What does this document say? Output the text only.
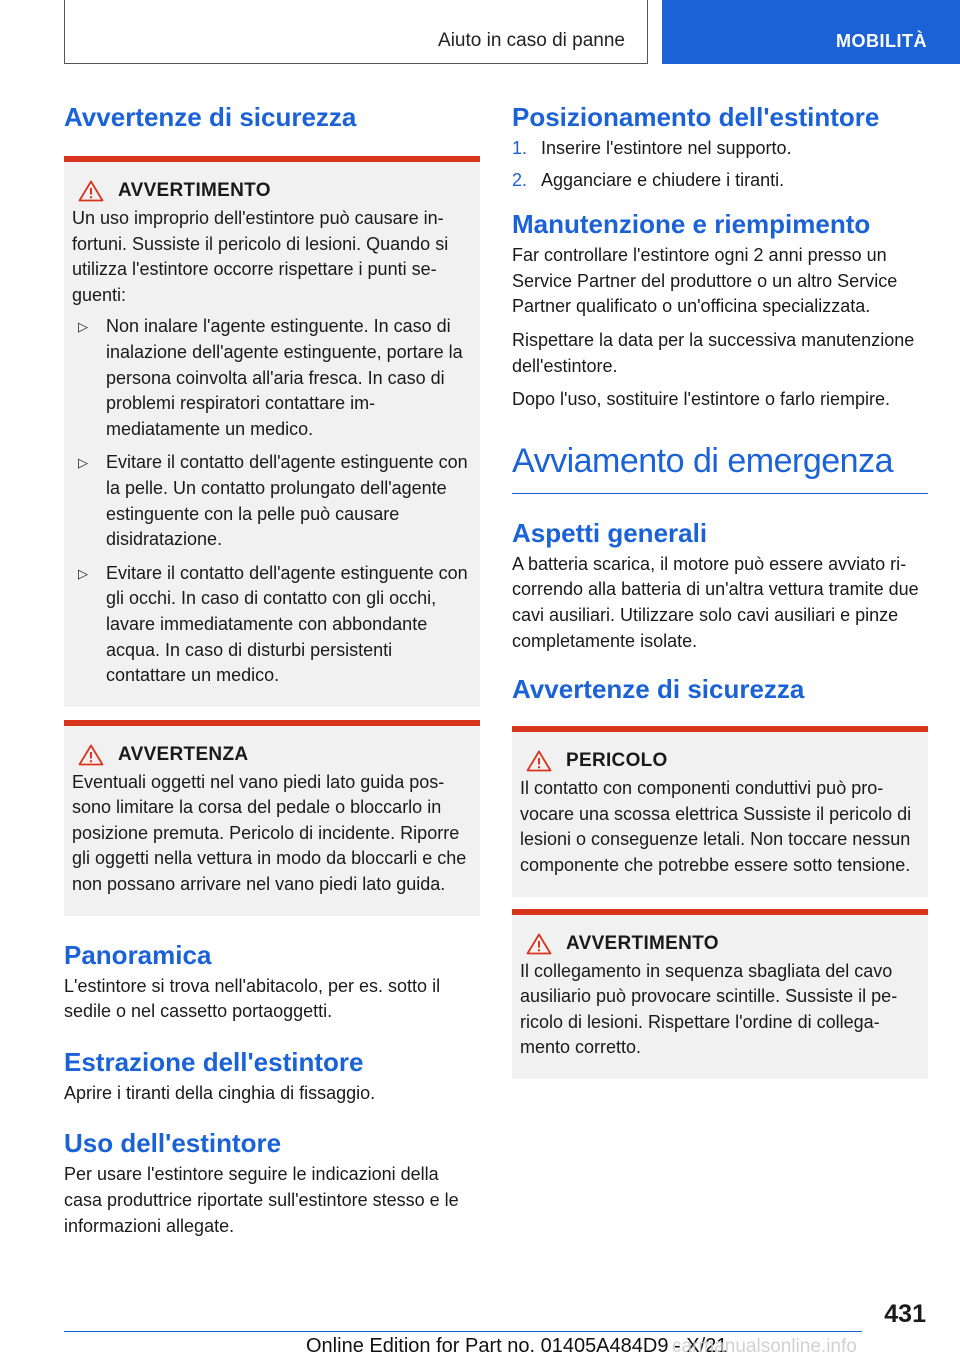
Aiuto in caso di panne	MOBILITÀ
Avvertenze di sicurezza
AVVERTIMENTO
Un uso improprio dell'estintore può causare infortuni. Sussiste il pericolo di lesioni. Quando si utilizza l'estintore occorre rispettare i punti seguenti:
▷	Non inalare l'agente estinguente. In caso di inalazione dell'agente estinguente, portare la persona coinvolta all'aria fresca. In caso di problemi respiratori contattare immediatamente un medico.
▷	Evitare il contatto dell'agente estinguente con la pelle. Un contatto prolungato dell'agente estinguente con la pelle può causare disidratazione.
▷	Evitare il contatto dell'agente estinguente con gli occhi. In caso di contatto con gli occhi, lavare immediatamente con abbondante acqua. In caso di disturbi persistenti contattare un medico.
AVVERTENZA
Eventuali oggetti nel vano piedi lato guida possono limitare la corsa del pedale o bloccarlo in posizione premuta. Pericolo di incidente. Riporre gli oggetti nella vettura in modo da bloccarli e che non possano arrivare nel vano piedi lato guida.
Panoramica
L'estintore si trova nell'abitacolo, per es. sotto il sedile o nel cassetto portaoggetti.
Estrazione dell'estintore
Aprire i tiranti della cinghia di fissaggio.
Uso dell'estintore
Per usare l'estintore seguire le indicazioni della casa produttrice riportate sull'estintore stesso e le informazioni allegate.
Posizionamento dell'estintore
1. Inserire l'estintore nel supporto.
2. Agganciare e chiudere i tiranti.
Manutenzione e riempimento
Far controllare l'estintore ogni 2 anni presso un Service Partner del produttore o un altro Service Partner qualificato o un'officina specializzata.
Rispettare la data per la successiva manutenzione dell'estintore.
Dopo l'uso, sostituire l'estintore o farlo riempire.
Avviamento di emergenza
Aspetti generali
A batteria scarica, il motore può essere avviato ricorrendo alla batteria di un'altra vettura tramite due cavi ausiliari. Utilizzare solo cavi ausiliari e pinze completamente isolate.
Avvertenze di sicurezza
PERICOLO
Il contatto con componenti conduttivi può provocare una scossa elettrica Sussiste il pericolo di lesioni o conseguenze letali. Non toccare nessun componente che potrebbe essere sotto tensione.
AVVERTIMENTO
Il collegamento in sequenza sbagliata del cavo ausiliario può provocare scintille. Sussiste il pericolo di lesioni. Rispettare l'ordine di collegamento corretto.
431
Online Edition for Part no. 01405A484D9 - X/21
carmanualsonline.info
